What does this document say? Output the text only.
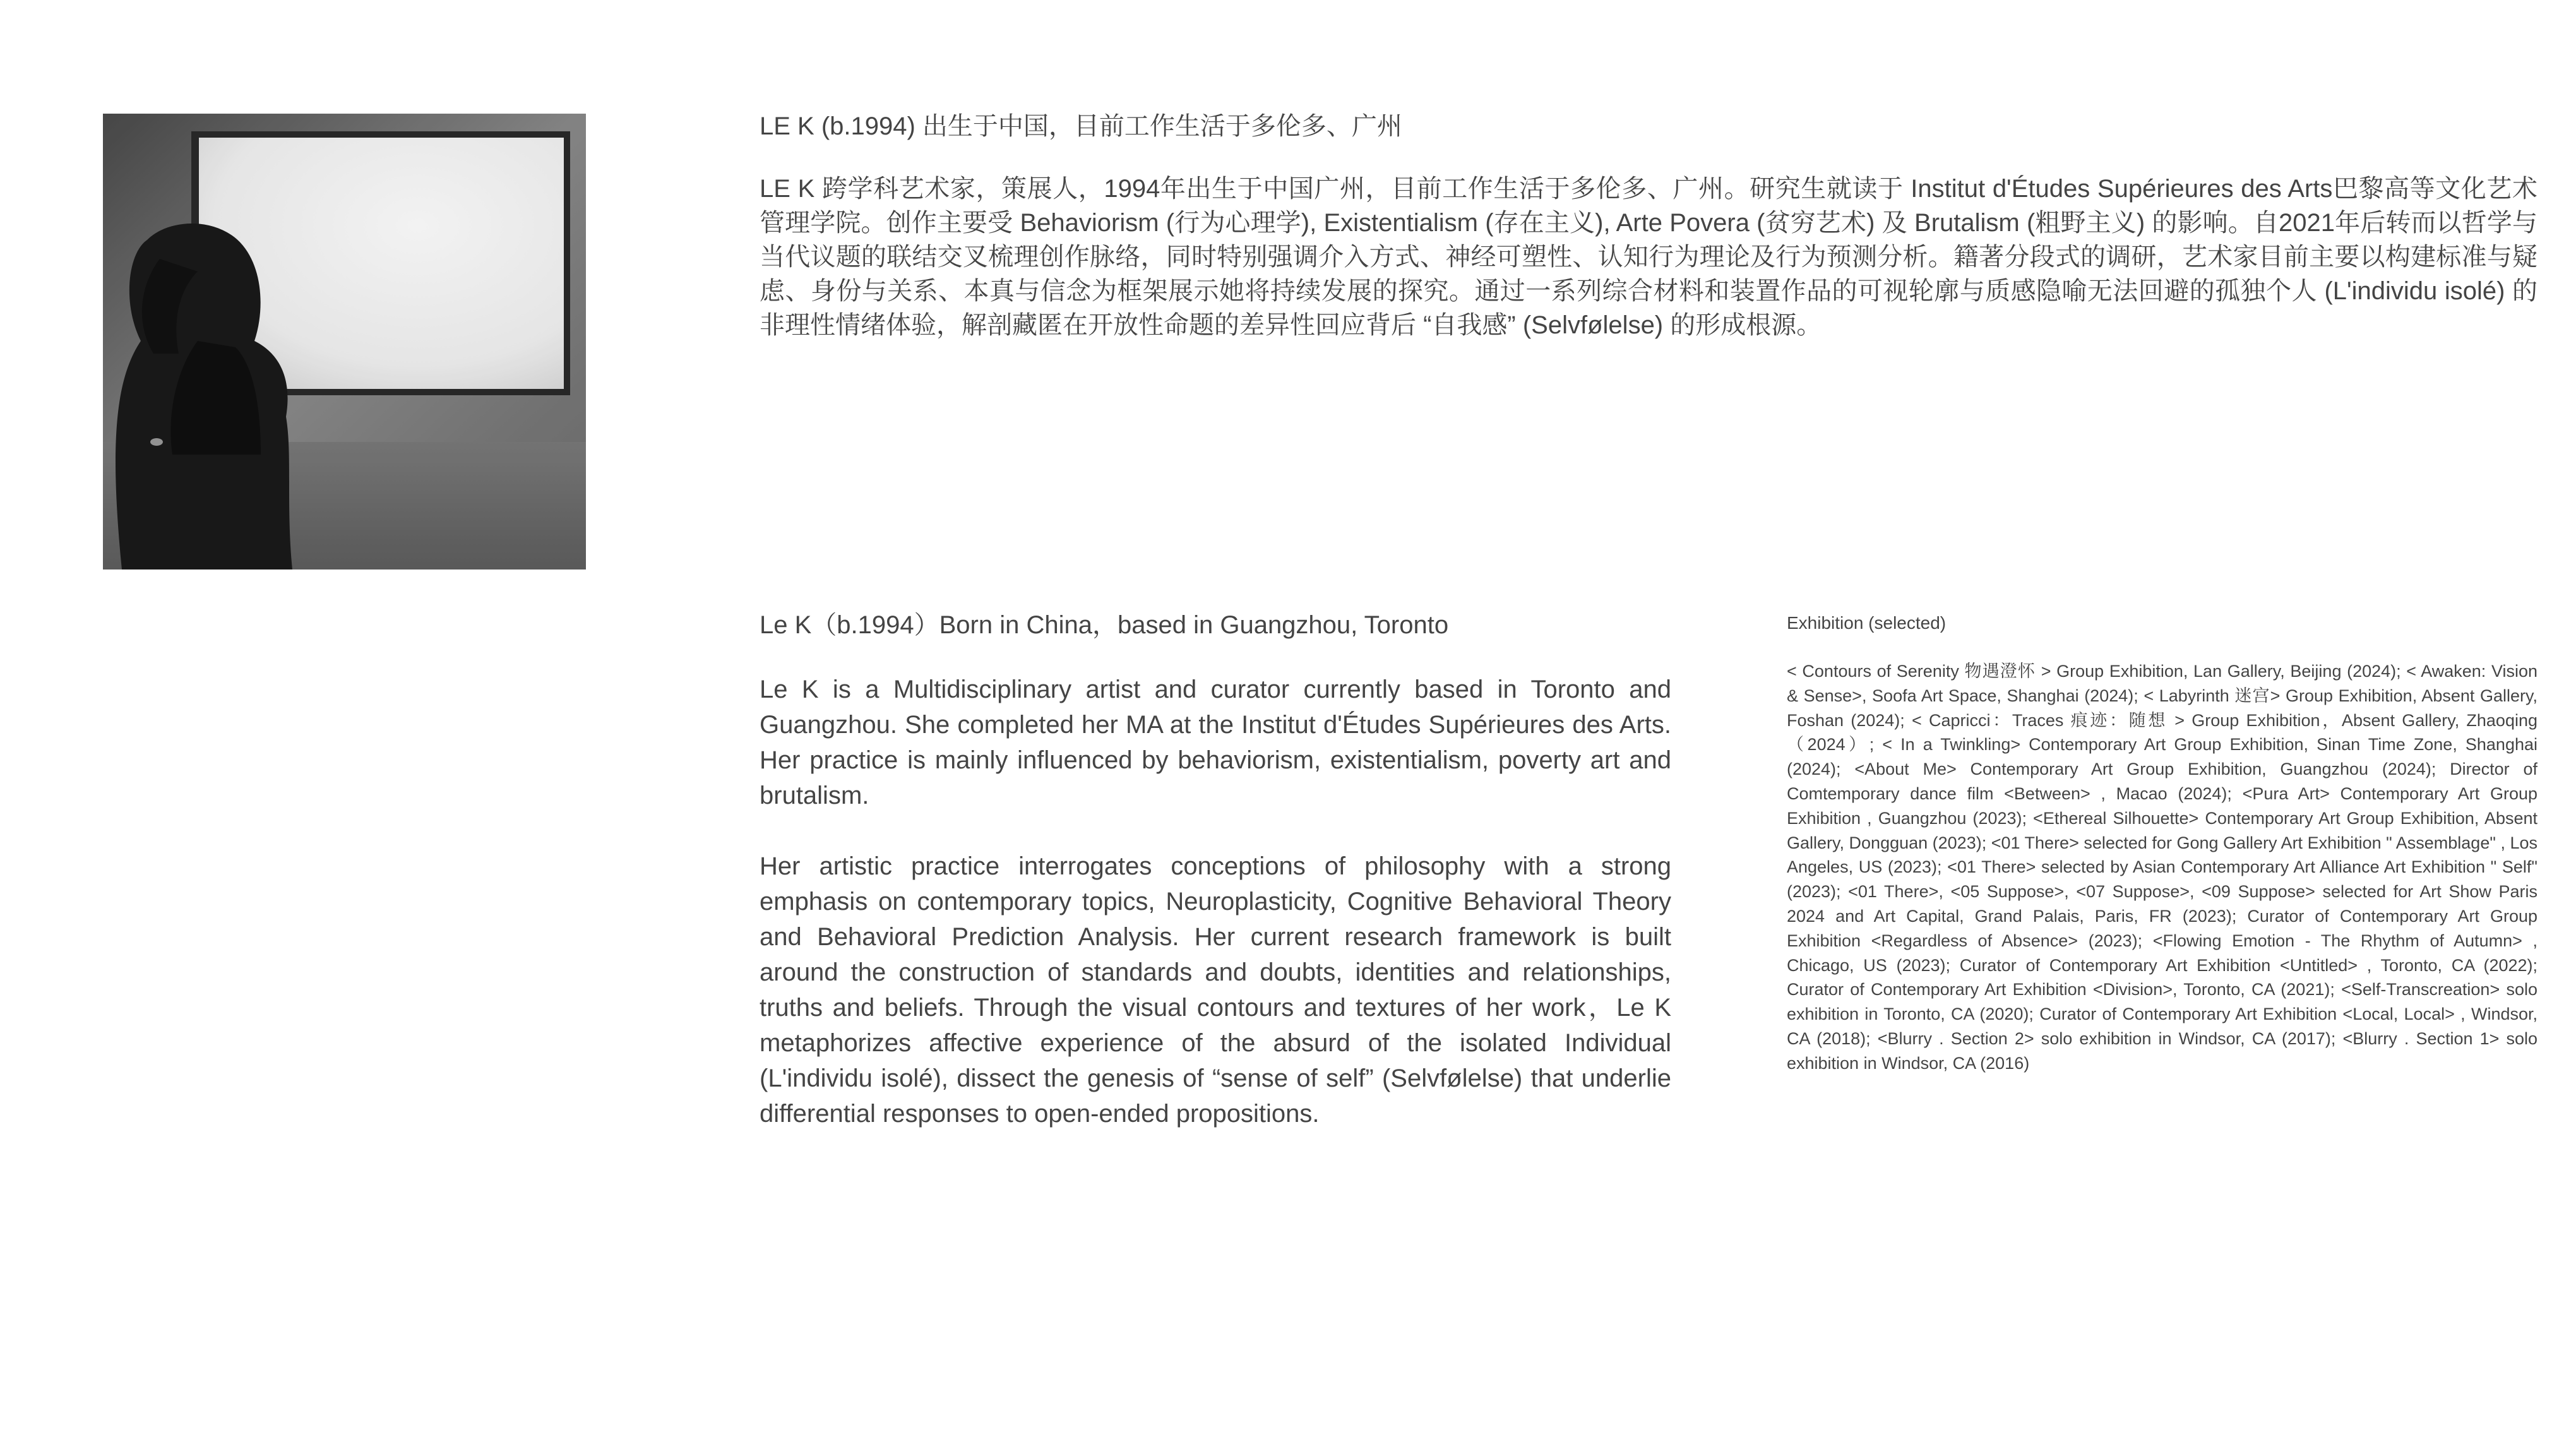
LE K (b.1994) 出生于中国，目前工作生活于多伦多、广州

LE K 跨学科艺术家，策展人，1994年出生于中国广州，目前工作生活于多伦多、广州。研究生就读于 Institut d'Études Supérieures des Arts巴黎高等文化艺术管理学院。创作主要受 Behaviorism (行为心理学), Existentialism (存在主义), Arte Povera (贫穷艺术) 及 Brutalism (粗野主义) 的影响。自2021年后转而以哲学与当代议题的联结交叉梳理创作脉络，同时特别强调介入方式、神经可塑性、认知行为理论及行为预测分析。籍著分段式的调研，艺术家目前主要以构建标准与疑虑、身份与关系、本真与信念为框架展示她将持续发展的探究。通过一系列综合材料和装置作品的可视轮廓与质感隐喻无法回避的孤独个人 (L'individu isolé) 的非理性情绪体验，解剖藏匿在开放性命题的差异性回应背后 “自我感” (Selvfølelse) 的形成根源。

Le K（b.1994）Born in China，based in Guangzhou, Toronto

Le K is a Multidisciplinary artist and curator currently based in Toronto and Guangzhou. She completed her MA at the Institut d'Études Supérieures des Arts. Her practice is mainly influenced by behaviorism, existentialism, poverty art and brutalism.

Her artistic practice interrogates conceptions of philosophy with a strong emphasis on contemporary topics, Neuroplasticity, Cognitive Behavioral Theory and Behavioral Prediction Analysis. Her current research framework is built around the construction of standards and doubts, identities and relationships, truths and beliefs. Through the visual contours and textures of her work，Le K metaphorizes affective experience of the absurd of the isolated Individual (L'individu isolé), dissect the genesis of “sense of self” (Selvfølelse) that underlie differential responses to open-ended propositions.

Exhibition (selected)

< Contours of Serenity 物遇澄怀 > Group Exhibition, Lan Gallery, Beijing (2024); < Awaken: Vision & Sense>, Soofa Art Space, Shanghai (2024); < Labyrinth 迷宫> Group Exhibition, Absent Gallery, Foshan (2024); < Capricci：Traces 痕迹：随想 > Group Exhibition，Absent Gallery, Zhaoqing（2024）; < In a Twinkling> Contemporary Art Group Exhibition, Sinan Time Zone, Shanghai (2024); <About Me> Contemporary Art Group Exhibition, Guangzhou (2024); Director of Comtemporary dance film <Between> , Macao (2024); <Pura Art> Contemporary Art Group Exhibition , Guangzhou (2023); <Ethereal Silhouette> Contemporary Art Group Exhibition, Absent Gallery, Dongguan (2023); <01 There> selected for Gong Gallery Art Exhibition " Assemblage" , Los Angeles, US (2023); <01 There> selected by Asian Contemporary Art Alliance Art Exhibition " Self" (2023); <01 There>, <05 Suppose>, <07 Suppose>, <09 Suppose> selected for Art Show Paris 2024 and Art Capital, Grand Palais, Paris, FR (2023); Curator of Contemporary Art Group Exhibition <Regardless of Absence> (2023); <Flowing Emotion - The Rhythm of Autumn> , Chicago, US (2023); Curator of Contemporary Art Exhibition <Untitled> , Toronto, CA (2022); Curator of Contemporary Art Exhibition <Division>, Toronto, CA (2021); <Self-Transcreation> solo exhibition in Toronto, CA (2020); Curator of Contemporary Art Exhibition <Local, Local> , Windsor, CA (2018); <Blurry . Section 2> solo exhibition in Windsor, CA (2017); <Blurry . Section 1> solo exhibition in Windsor, CA (2016)
